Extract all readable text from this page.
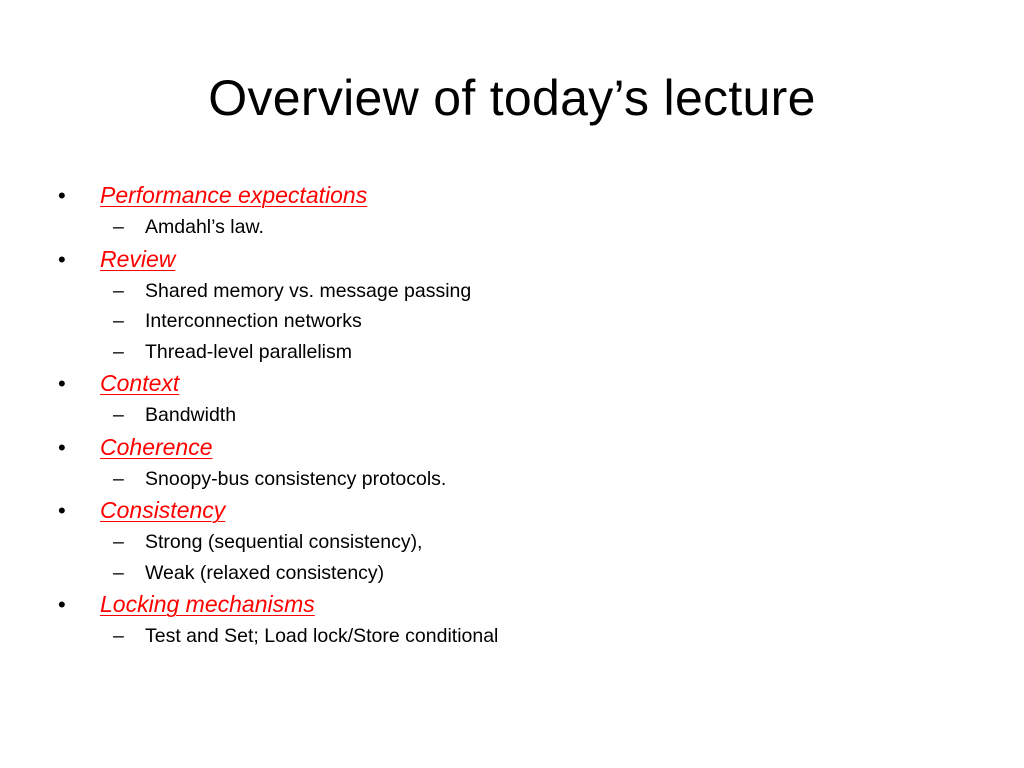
Overview of today’s lecture
•	Performance expectations
–	Amdahl’s law.
•	Review
–	Shared memory vs. message passing
–	Interconnection networks
–	Thread-level parallelism
•	Context
–	Bandwidth
•	Coherence
–	Snoopy-bus consistency protocols.
•	Consistency
–	Strong (sequential consistency),
–	Weak (relaxed consistency)
•	Locking mechanisms
–	Test and Set; Load lock/Store conditional
